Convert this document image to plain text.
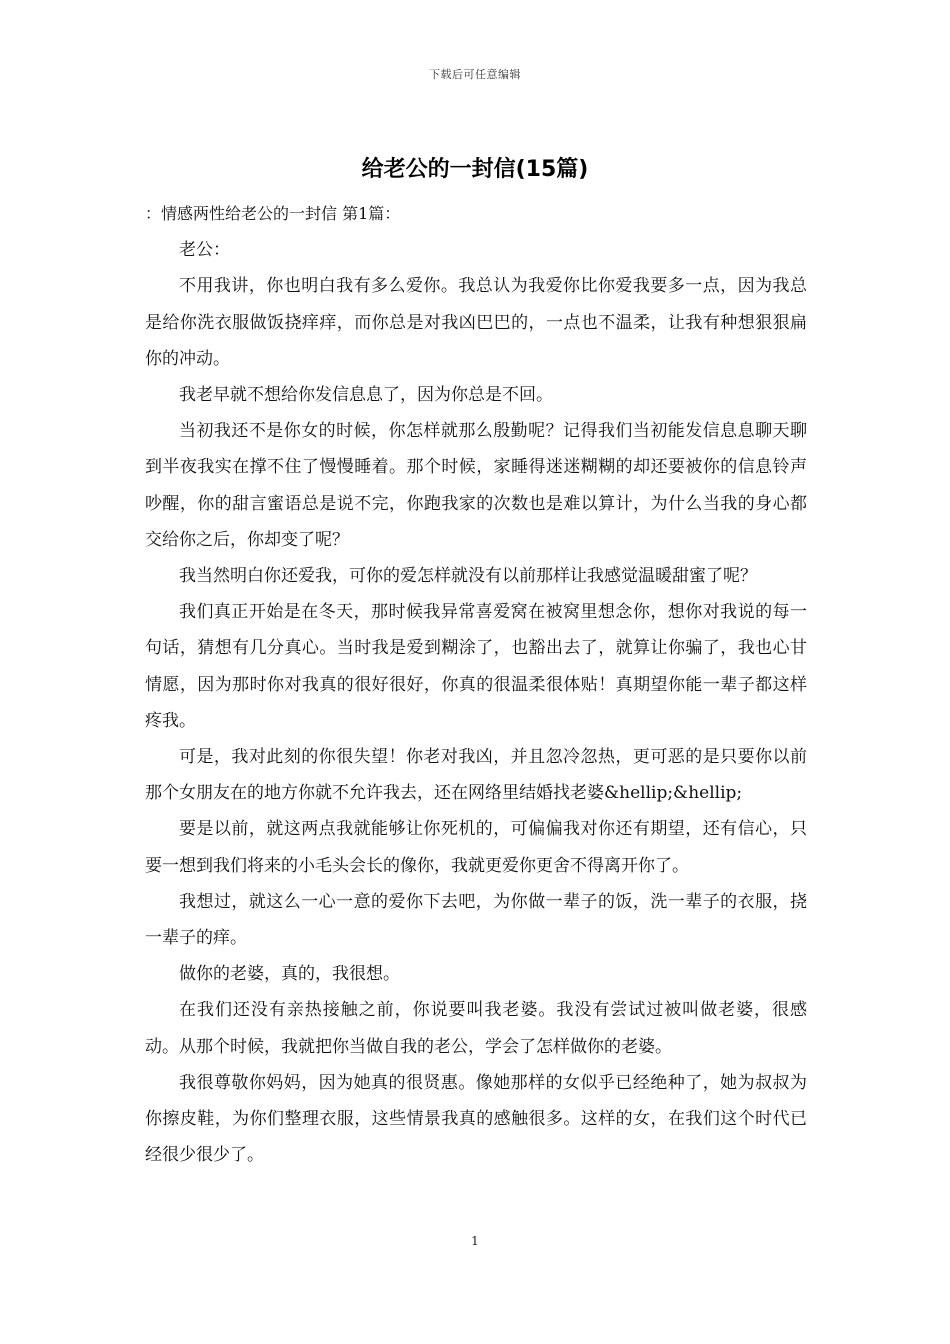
下载后可任意编辑
给老公的一封信(15篇)

：情感两性给老公的一封信 第1篇：

老公：

不用我讲，你也明白我有多么爱你。我总认为我爱你比你爱我要多一点，因为我总是给你洗衣服做饭挠痒痒，而你总是对我凶巴巴的，一点也不温柔，让我有种想狠狠扁你的冲动。

我老早就不想给你发信息息了，因为你总是不回。

当初我还不是你女的时候，你怎样就那么殷勤呢？记得我们当初能发信息息聊天聊到半夜我实在撑不住了慢慢睡着。那个时候，家睡得迷迷糊糊的却还要被你的信息铃声吵醒，你的甜言蜜语总是说不完，你跑我家的次数也是难以算计，为什么当我的身心都交给你之后，你却变了呢？

我当然明白你还爱我，可你的爱怎样就没有以前那样让我感觉温暖甜蜜了呢？

我们真正开始是在冬天，那时候我异常喜爱窝在被窝里想念你，想你对我说的每一句话，猜想有几分真心。当时我是爱到糊涂了，也豁出去了，就算让你骗了，我也心甘情愿，因为那时你对我真的很好很好，你真的很温柔很体贴！真期望你能一辈子都这样疼我。

可是，我对此刻的你很失望！你老对我凶，并且忽冷忽热，更可恶的是只要你以前那个女朋友在的地方你就不允许我去，还在网络里结婚找老婆&hellip;&hellip;

要是以前，就这两点我就能够让你死机的，可偏偏我对你还有期望，还有信心，只要一想到我们将来的小毛头会长的像你，我就更爱你更舍不得离开你了。

我想过，就这么一心一意的爱你下去吧，为你做一辈子的饭，洗一辈子的衣服，挠一辈子的痒。

做你的老婆，真的，我很想。

在我们还没有亲热接触之前，你说要叫我老婆。我没有尝试过被叫做老婆，很感动。从那个时候，我就把你当做自我的老公，学会了怎样做你的老婆。

我很尊敬你妈妈，因为她真的很贤惠。像她那样的女似乎已经绝种了，她为叔叔为你擦皮鞋，为你们整理衣服，这些情景我真的感触很多。这样的女，在我们这个时代已经很少很少了。

1
